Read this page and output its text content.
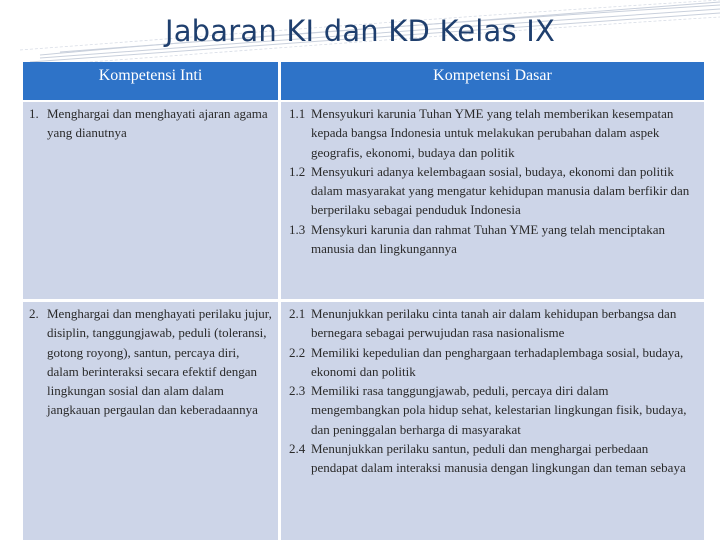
Jabaran KI dan KD Kelas IX
Kompetensi Inti	Kompetensi Dasar
1. Menghargai dan menghayati ajaran agama yang dianutnya
1.1 Mensyukuri karunia Tuhan YME yang telah memberikan kesempatan kepada bangsa Indonesia untuk melakukan perubahan dalam aspek geografis, ekonomi, budaya dan politik
1.2 Mensyukuri adanya kelembagaan sosial, budaya, ekonomi dan politik dalam masyarakat yang mengatur kehidupan manusia dalam berfikir dan berperilaku sebagai penduduk Indonesia
1.3 Mensykuri karunia dan rahmat Tuhan YME yang telah menciptakan manusia dan lingkungannya
2. Menghargai dan menghayati perilaku jujur, disiplin, tanggungjawab, peduli (toleransi, gotong royong), santun, percaya diri, dalam berinteraksi secara efektif dengan lingkungan sosial dan alam dalam jangkauan pergaulan dan keberadaannya
2.1 Menunjukkan perilaku cinta tanah air dalam kehidupan berbangsa dan bernegara sebagai perwujudan rasa nasionalisme
2.2 Memiliki kepedulian dan penghargaan terhadaplembaga sosial, budaya, ekonomi dan politik
2.3 Memiliki rasa tanggungjawab, peduli, percaya diri dalam mengembangkan pola hidup sehat, kelestarian lingkungan fisik, budaya, dan peninggalan berharga di masyarakat
2.4 Menunjukkan perilaku santun, peduli dan menghargai perbedaan pendapat dalam interaksi manusia dengan lingkungan dan teman sebaya
